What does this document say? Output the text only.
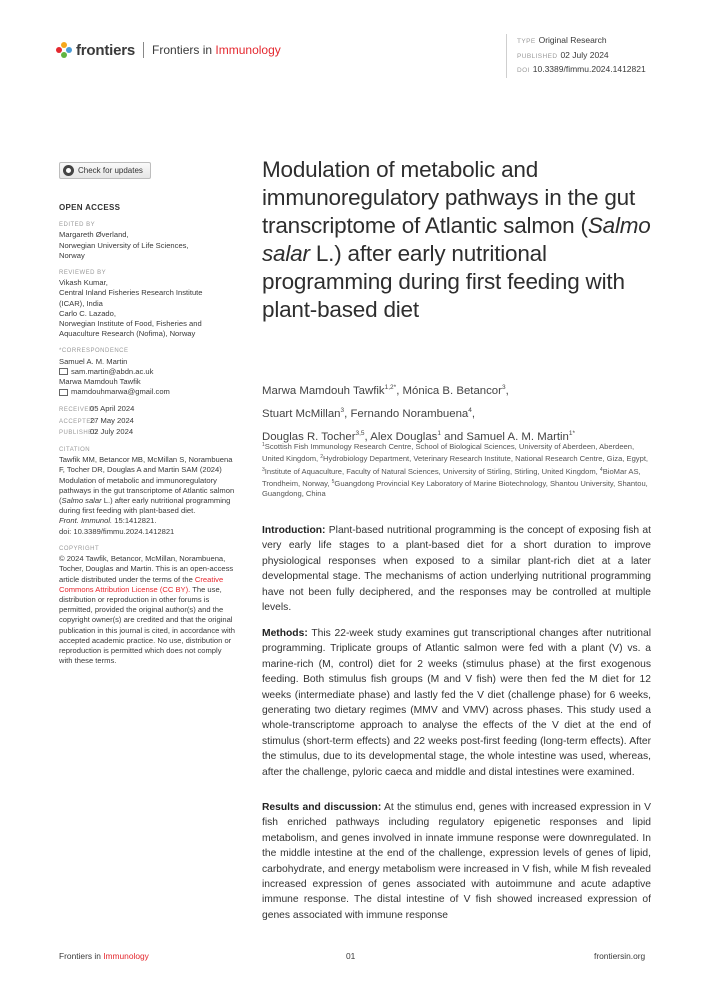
frontiers Frontiers in Immunology
TYPE Original Research
PUBLISHED 02 July 2024
DOI 10.3389/fimmu.2024.1412821
Check for updates
OPEN ACCESS
EDITED BY
Margareth Øverland,
Norwegian University of Life Sciences,
Norway
REVIEWED BY
Vikash Kumar,
Central Inland Fisheries Research Institute
(ICAR), India
Carlo C. Lazado,
Norwegian Institute of Food, Fisheries and
Aquaculture Research (Nofima), Norway
*CORRESPONDENCE
Samuel A. M. Martin
sam.martin@abdn.ac.uk
Marwa Mamdouh Tawfik
mamdouhmarwa@gmail.com
RECEIVED
05 April 2024
ACCEPTED
27 May 2024
PUBLISHED
02 July 2024
CITATION
Tawfik MM, Betancor MB, McMillan S, Norambuena F, Tocher DR, Douglas A and Martin SAM (2024) Modulation of metabolic and immunoregulatory pathways in the gut transcriptome of Atlantic salmon (Salmo salar L.) after early nutritional programming during first feeding with plant-based diet.
Front. Immunol. 15:1412821.
doi: 10.3389/fimmu.2024.1412821
COPYRIGHT
© 2024 Tawfik, Betancor, McMillan, Norambuena, Tocher, Douglas and Martin. This is an open-access article distributed under the terms of the Creative Commons Attribution License (CC BY). The use, distribution or reproduction in other forums is permitted, provided the original author(s) and the copyright owner(s) are credited and that the original publication in this journal is cited, in accordance with accepted academic practice. No use, distribution or reproduction is permitted which does not comply with these terms.
Modulation of metabolic and immunoregulatory pathways in the gut transcriptome of Atlantic salmon (Salmo salar L.) after early nutritional programming during first feeding with plant-based diet
Marwa Mamdouh Tawfik$^{1,2*}$, Mónica B. Betancor$^3$,
Stuart McMillan$^3$, Fernando Norambuena$^4$,
Douglas R. Tocher$^{3,5}$, Alex Douglas$^1$ and Samuel A. M. Martin$^{1*}$
$^1$Scottish Fish Immunology Research Centre, School of Biological Sciences, University of Aberdeen, Aberdeen, United Kingdom, $^2$Hydrobiology Department, Veterinary Research Institute, National Research Centre, Giza, Egypt, $^3$Institute of Aquaculture, Faculty of Natural Sciences, University of Stirling, Stirling, United Kingdom, $^4$BioMar AS, Trondheim, Norway, $^5$Guangdong Provincial Key Laboratory of Marine Biotechnology, Shantou University, Shantou, Guangdong, China

Introduction: Plant-based nutritional programming is the concept of exposing fish at very early life stages to a plant-based diet for a short duration to improve physiological responses when exposed to a similar plant-rich diet at a later developmental stage. The mechanisms of action underlying nutritional programming have not been fully deciphered, and the responses may be controlled at multiple levels.

Methods: This 22-week study examines gut transcriptional changes after nutritional programming. Triplicate groups of Atlantic salmon were fed with a plant (V) vs. a marine-rich (M, control) diet for 2 weeks (stimulus phase) at the first exogenous feeding. Both stimulus fish groups (M and V fish) were then fed the M diet for 12 weeks (intermediate phase) and lastly fed the V diet (challenge phase) for 6 weeks, generating two dietary regimes (MMV and VMV) across phases. This study used a whole-transcriptome approach to analyse the effects of the V diet at the end of stimulus (short-term effects) and 22 weeks post-first feeding (long-term effects). After the stimulus, due to its developmental stage, the whole intestine was used, whereas, after the challenge, pyloric caeca and middle and distal intestines were examined.

Results and discussion: At the stimulus end, genes with increased expression in V fish enriched pathways including regulatory epigenetic responses and lipid metabolism, and genes involved in innate immune response were downregulated. In the middle intestine at the end of the challenge, expression levels of genes of lipid, carbohydrate, and energy metabolism were increased in V fish, while M fish revealed increased expression of genes associated with autoimmune and acute adaptive immune response. The distal intestine of V fish showed increased expression of genes associated with immune response

Frontiers in Immunology	01	frontiersin.org
